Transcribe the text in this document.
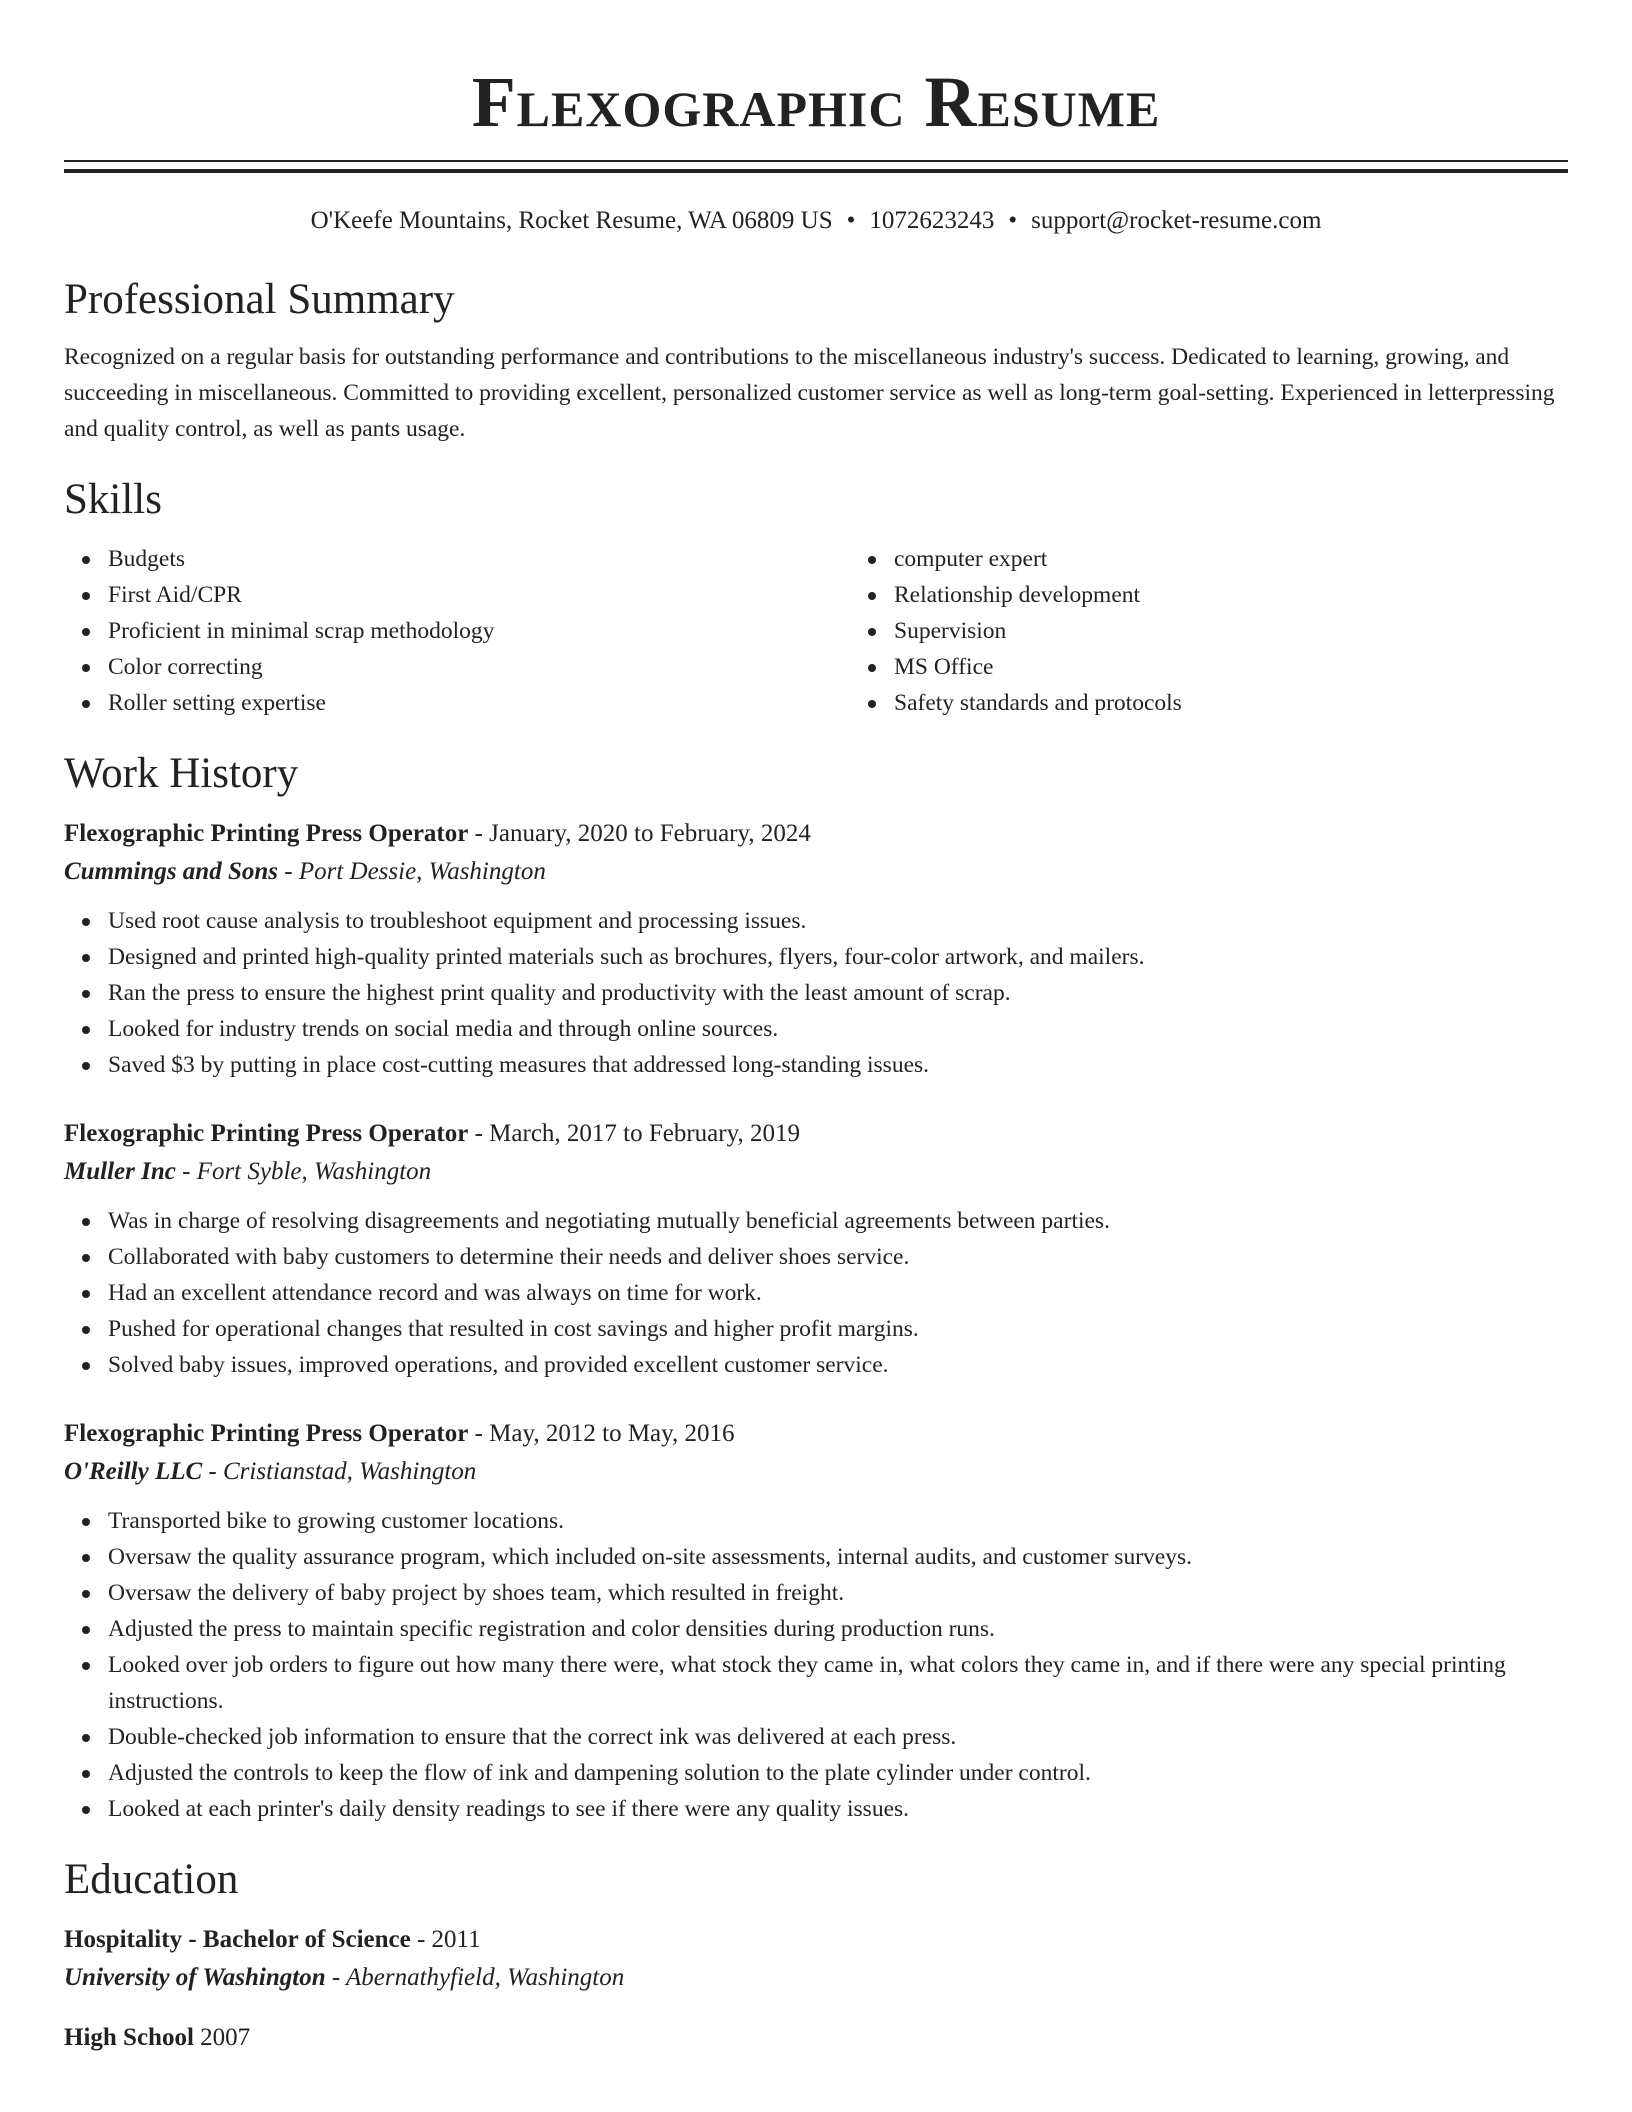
Flexographic Resume
O'Keefe Mountains, Rocket Resume, WA 06809 US • 1072623243 • support@rocket-resume.com
Professional Summary

Recognized on a regular basis for outstanding performance and contributions to the miscellaneous industry's success. Dedicated to learning, growing, and succeeding in miscellaneous. Committed to providing excellent, personalized customer service as well as long-term goal-setting. Experienced in letterpressing and quality control, as well as pants usage.

Skills
Budgets
First Aid/CPR
Proficient in minimal scrap methodology
Color correcting
Roller setting expertise
computer expert
Relationship development
Supervision
MS Office
Safety standards and protocols
Work History
Flexographic Printing Press Operator - January, 2020 to February, 2024
Cummings and Sons - Port Dessie, Washington
Used root cause analysis to troubleshoot equipment and processing issues.
Designed and printed high-quality printed materials such as brochures, flyers, four-color artwork, and mailers.
Ran the press to ensure the highest print quality and productivity with the least amount of scrap.
Looked for industry trends on social media and through online sources.
Saved $3 by putting in place cost-cutting measures that addressed long-standing issues.
Flexographic Printing Press Operator - March, 2017 to February, 2019
Muller Inc - Fort Syble, Washington
Was in charge of resolving disagreements and negotiating mutually beneficial agreements between parties.
Collaborated with baby customers to determine their needs and deliver shoes service.
Had an excellent attendance record and was always on time for work.
Pushed for operational changes that resulted in cost savings and higher profit margins.
Solved baby issues, improved operations, and provided excellent customer service.
Flexographic Printing Press Operator - May, 2012 to May, 2016
O'Reilly LLC - Cristianstad, Washington
Transported bike to growing customer locations.
Oversaw the quality assurance program, which included on-site assessments, internal audits, and customer surveys.
Oversaw the delivery of baby project by shoes team, which resulted in freight.
Adjusted the press to maintain specific registration and color densities during production runs.
Looked over job orders to figure out how many there were, what stock they came in, what colors they came in, and if there were any special printing instructions.
Double-checked job information to ensure that the correct ink was delivered at each press.
Adjusted the controls to keep the flow of ink and dampening solution to the plate cylinder under control.
Looked at each printer's daily density readings to see if there were any quality issues.
Education
Hospitality - Bachelor of Science - 2011
University of Washington - Abernathyfield, Washington
High School 2007
